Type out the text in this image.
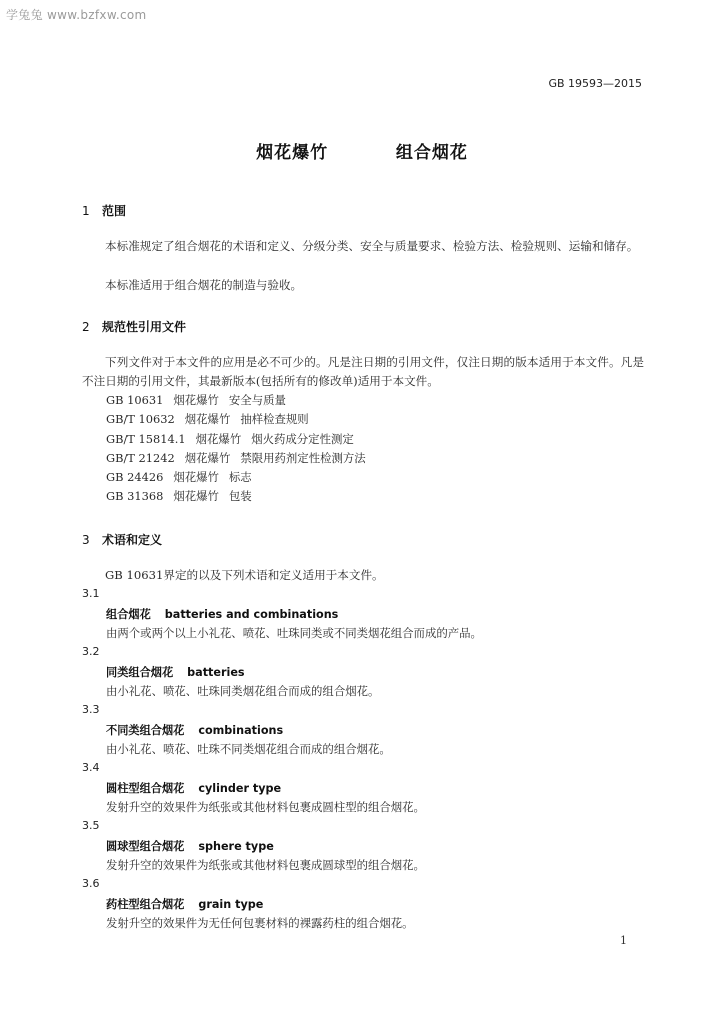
学兔兔 www.bzfxw.com
GB 19593—2015
烟花爆竹	组合烟花
1 范围
本标准规定了组合烟花的术语和定义、分级分类、安全与质量要求、检验方法、检验规则、运输和储存。
本标准适用于组合烟花的制造与验收。
2 规范性引用文件
下列文件对于本文件的应用是必不可少的。凡是注日期的引用文件，仅注日期的版本适用于本文件。凡是不注日期的引用文件，其最新版本(包括所有的修改单)适用于本文件。
GB 10631 烟花爆竹 安全与质量
GB/T 10632 烟花爆竹 抽样检查规则
GB/T 15814.1 烟花爆竹 烟火药成分定性测定
GB/T 21242 烟花爆竹 禁限用药剂定性检测方法
GB 24426 烟花爆竹 标志
GB 31368 烟花爆竹 包装
3 术语和定义
GB 10631界定的以及下列术语和定义适用于本文件。
3.1
组合烟花 batteries and combinations
由两个或两个以上小礼花、喷花、吐珠同类或不同类烟花组合而成的产品。
3.2
同类组合烟花 batteries
由小礼花、喷花、吐珠同类烟花组合而成的组合烟花。
3.3
不同类组合烟花 combinations
由小礼花、喷花、吐珠不同类烟花组合而成的组合烟花。
3.4
圆柱型组合烟花 cylinder type
发射升空的效果件为纸张或其他材料包裹成圆柱型的组合烟花。
3.5
圆球型组合烟花 sphere type
发射升空的效果件为纸张或其他材料包裹成圆球型的组合烟花。
3.6
药柱型组合烟花 grain type
发射升空的效果件为无任何包裹材料的裸露药柱的组合烟花。
1
